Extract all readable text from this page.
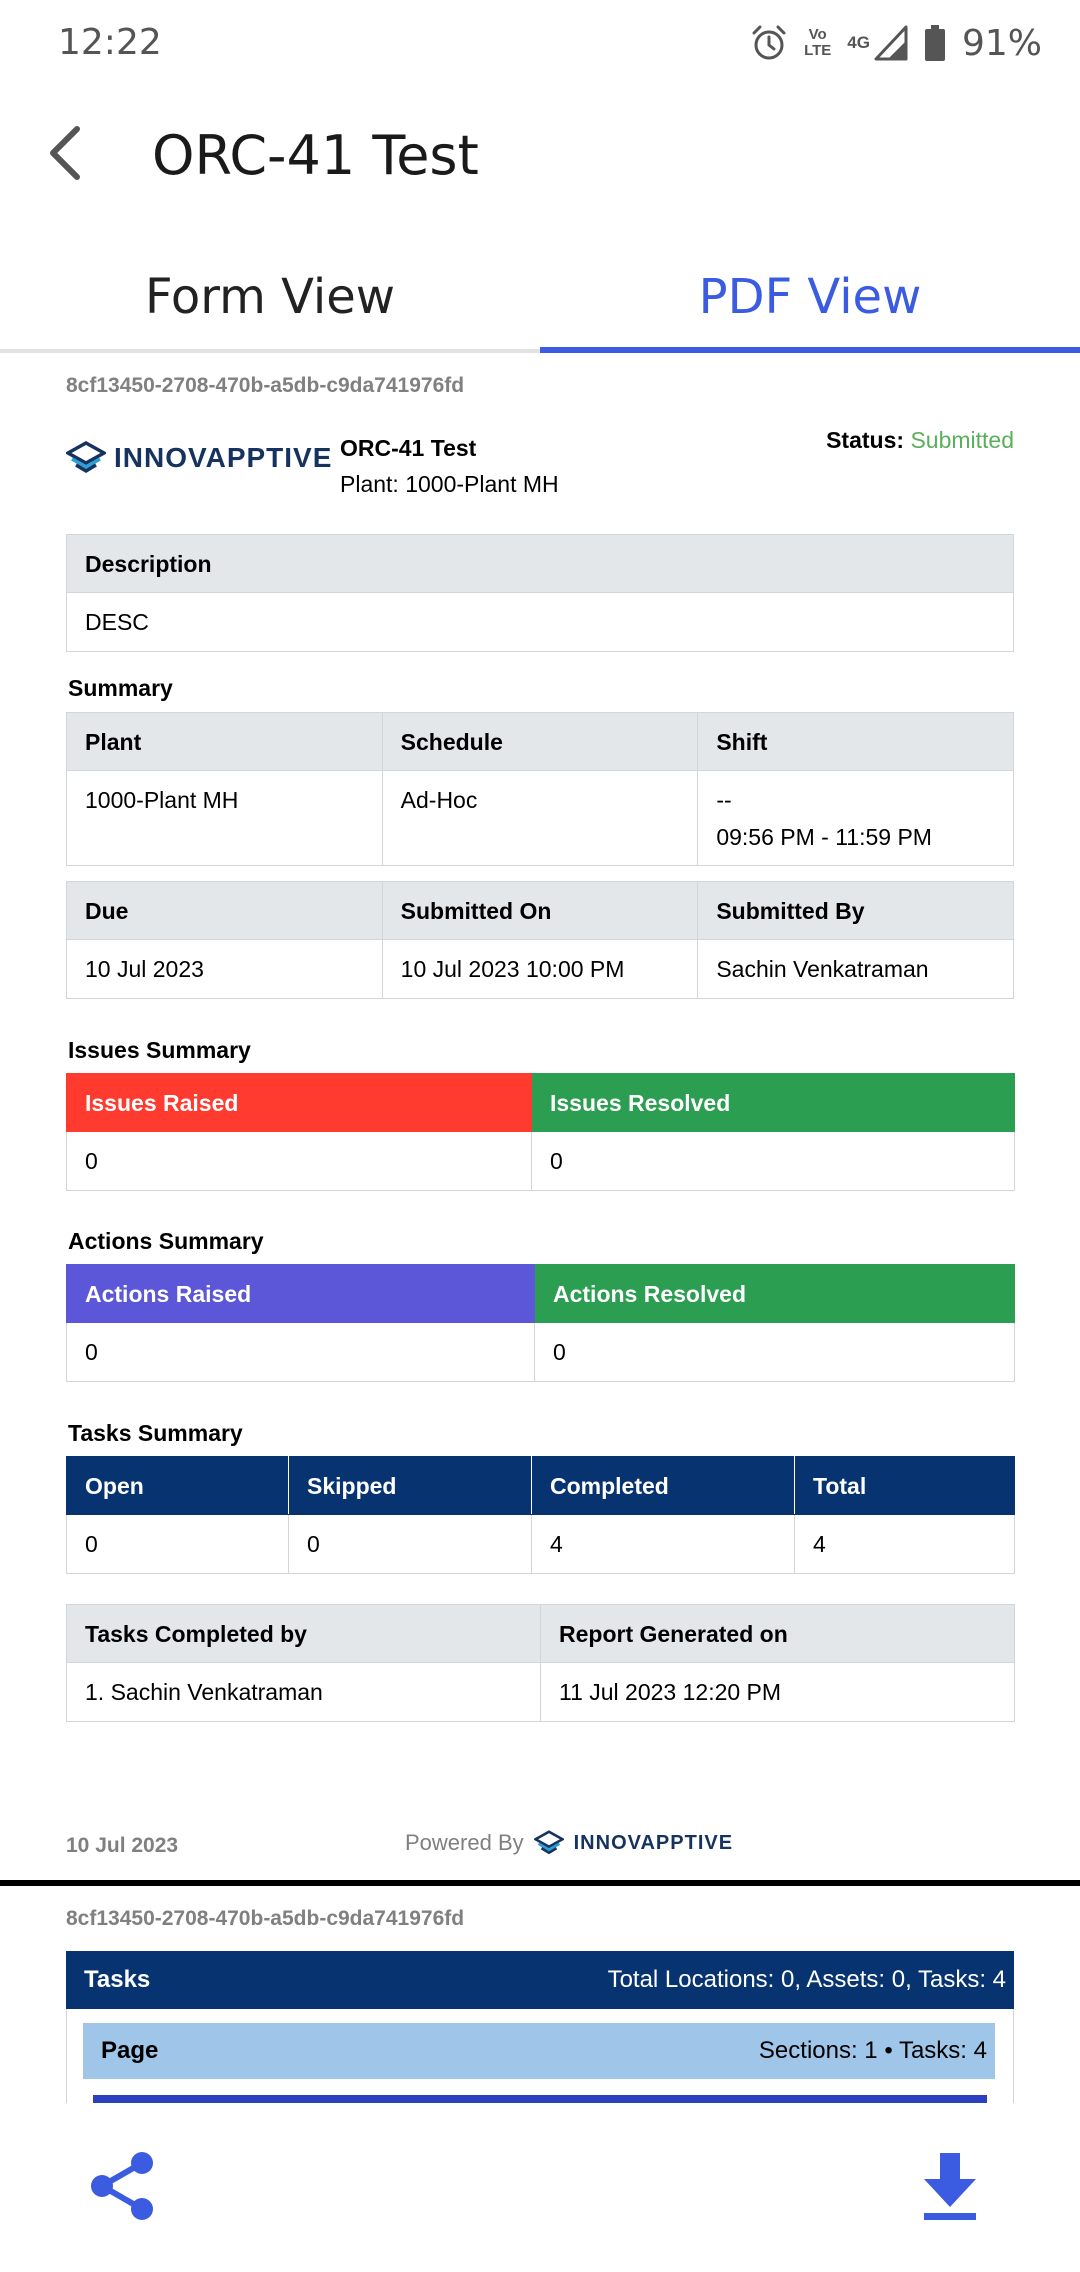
12:22	Vo
LTE 4G	91%
ORC-41 Test
Form View	PDF View
8cf13450-2708-470b-a5db-c9da741976fd
INNOVAPPTIVE ORC-41 Test
Plant: 1000-Plant MH
Status: Submitted
Description
DESC
Summary
Plant	Schedule	Shift
1000-Plant MH	Ad-Hoc	--
09:56 PM - 11:59 PM
Due	Submitted On	Submitted By
10 Jul 2023	10 Jul 2023 10:00 PM	Sachin Venkatraman
Issues Summary
Issues Raised	Issues Resolved
0	0
Actions Summary
Actions Raised	Actions Resolved
0	0
Tasks Summary
Open	Skipped	Completed	Total
0	0	4	4
Tasks Completed by	Report Generated on
1. Sachin Venkatraman	11 Jul 2023 12:20 PM
10 Jul 2023	Powered By	INNOVAPPTIVE
8cf13450-2708-470b-a5db-c9da741976fd
Tasks	Total Locations: 0, Assets: 0, Tasks: 4
Page	Sections: 1 • Tasks: 4
